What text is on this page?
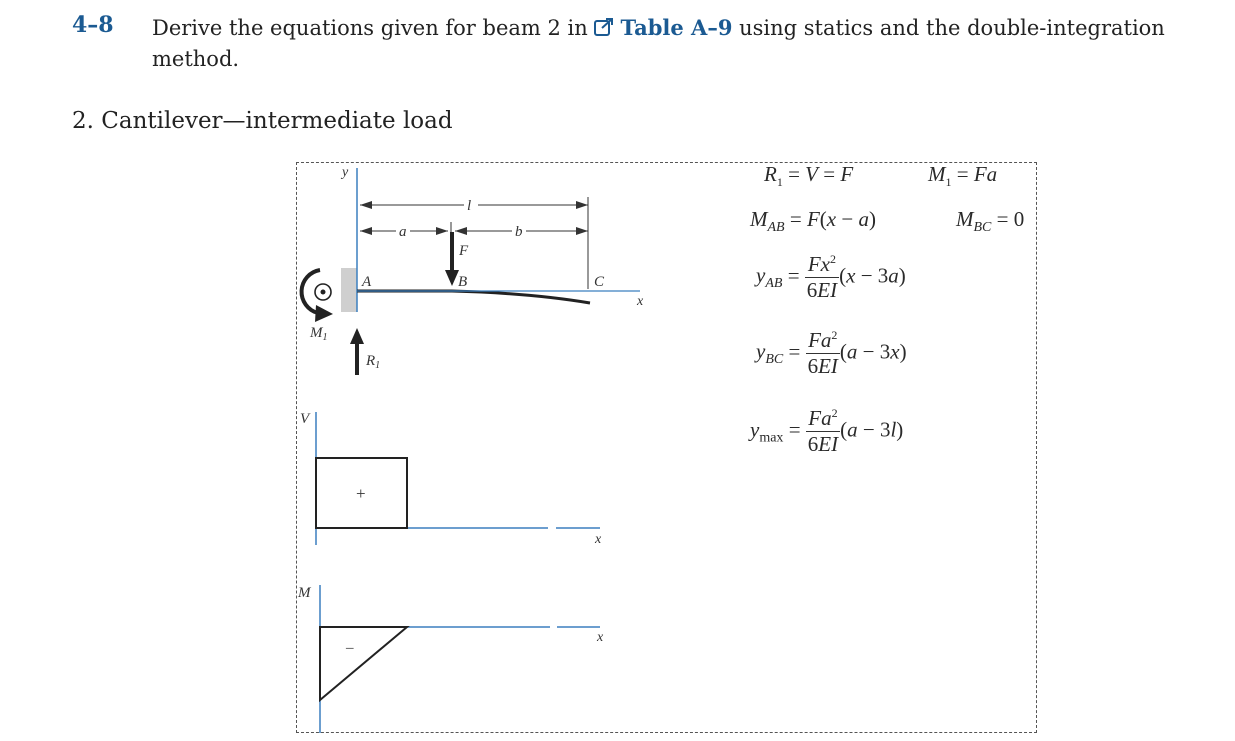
4–8 Derive the equations given for beam 2 in Table A–9 using statics and the double-integration method.
2. Cantilever—intermediate load
y
l
a	b
F
x
A	B	C
$M_1$
$R_1$
V
+
x
M
–
x
$R_1 = V = F$	$M_1 = Fa$
$M_{AB} = F(x - a)$	$M_{BC} = 0$
$y_{AB} = \frac{Fx^2}{6EI} (x - 3a)$
$y_{BC} = \frac{Fa^2}{6EI} (a - 3x)$
$y_{max} = \frac{Fa^2}{6EI} (a - 3l)$
